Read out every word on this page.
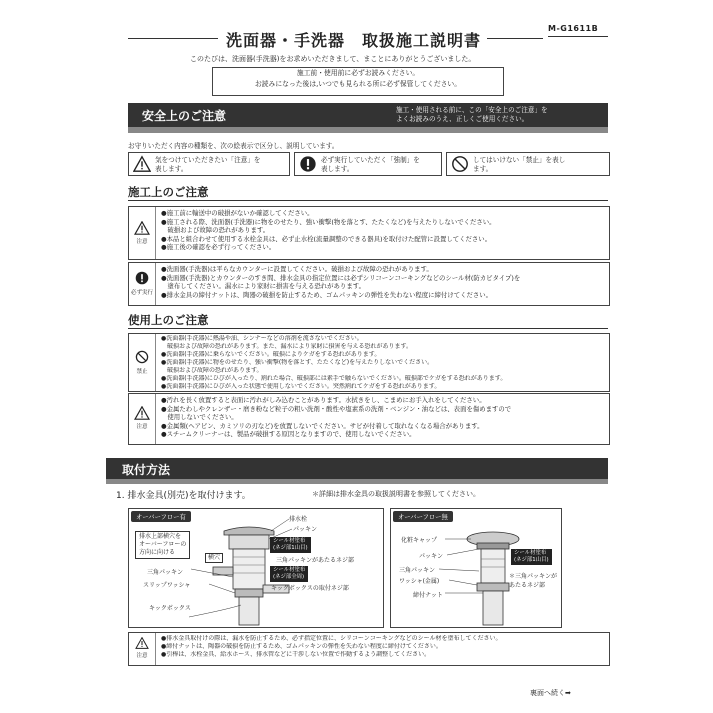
洗面器・手洗器　取扱施工説明書
M-G1611B
このたびは、洗面器(手洗器)をお求めいただきまして、まことにありがとうございました。
施工前・使用前に必ずお読みください。
お読みになった後は,いつでも見られる所に必ず保管してください。
安全上のご注意	施工・使用される前に、この「安全上のご注意」を
よくお読みのうえ、正しくご使用ください。
お守りいただく内容の種類を、次の絵表示で区分し、説明しています。
気をつけていただきたい「注意」を
表します。
必ず実行していただく「強制」を
表します。
してはいけない「禁止」を表し
ます。
施工上のご注意
注意
●施工前に輸送中の破損がないか確認してください。
●施工される際、洗面器(手洗器)に物をのせたり、強い衝撃(物を落とす、たたくなど)を与えたりしないでください。
　破損および故障の恐れがあります。
●本品と組合わせて使用する水栓金具は、必ず止水栓(流量調整のできる器具)を取付けた配管に設置してください。
●施工後の確認を必ず行ってください。
必ず実行
●洗面器(手洗器)は平らなカウンターに設置してください。破損および故障の恐れがあります。
●洗面器(手洗器)とカウンターのすき間、排水金具の指定位置には必ずシリコーンコーキングなどのシール材(防カビタイプ)を
　塗布してください。漏水により家財に損害を与える恐れがあります。
●排水金具の締付ナットは、陶器の破損を防止するため、ゴムパッキンの弾性を失わない程度に締付けてください。
使用上のご注意
禁止
●洗面器(手洗器)に熱湯や油、シンナーなどの溶剤を流さないでください。
　破損および故障の恐れがあります。また、漏水により家財に損害を与える恐れがあります。
●洗面器(手洗器)に乗らないでください。破損によりケガをする恐れがあります。
●洗面器(手洗器)に物をのせたり、強い衝撃(物を落とす、たたくなど)を与えたりしないでください。
　破損および故障の恐れがあります。
●洗面器(手洗器)にひびが入ったり、割れた場合、破損部には素手で触らないでください。破損部でケガをする恐れがあります。
●洗面器(手洗器)にひびが入った状態で使用しないでください。突然割れてケガをする恐れがあります。
注意
●汚れを長く放置すると表面に汚れがしみ込むことがあります。水拭きをし、こまめにお手入れをしてください。
●金属たわしやクレンザー・磨き粉など粒子の粗い洗剤・酸性や塩素系の洗剤・ベンジン・油などは、表面を傷めますので
　使用しないでください。
●金属類(ヘアピン、カミソリの刃など)を放置しないでください。サビが付着して取れなくなる場合があります。
●スチームクリーナーは、製品が破損する原因となりますので、使用しないでください。
取付方法
1. 排水金具(別売)を取付けます。	＊詳細は排水金具の取扱説明書を参照してください。
オーバーフロー有	排水栓
パッキン
排水上部横穴を
オーバーフローの
方向に向ける
横穴
シール材塗布
(ネジ部1山目)
三角パッキンがあたるネジ部
シール材塗布
(ネジ部全周)
三角パッキン
スリップワッシャ	キックボックスの取付ネジ部
キックボックス
オーバーフロー無
化粧キャップ
パッキン	シール材塗布
(ネジ部1山目)
三角パッキン
＊三角パッキンが
あたるネジ部
ワッシャ(金属)
締付ナット
注意
●排水金具取付けの際は、漏水を防止するため、必ず指定位置に、シリコーンコーキングなどのシール材を塗布してください。
●締付ナットは、陶器の破損を防止するため、ゴムパッキンの弾性を失わない程度に締付けてください。
●引棒は、水栓金具、給水ホース、排水管などに干渉しない位置で作動するよう調整してください。
裏面へ続く➡
